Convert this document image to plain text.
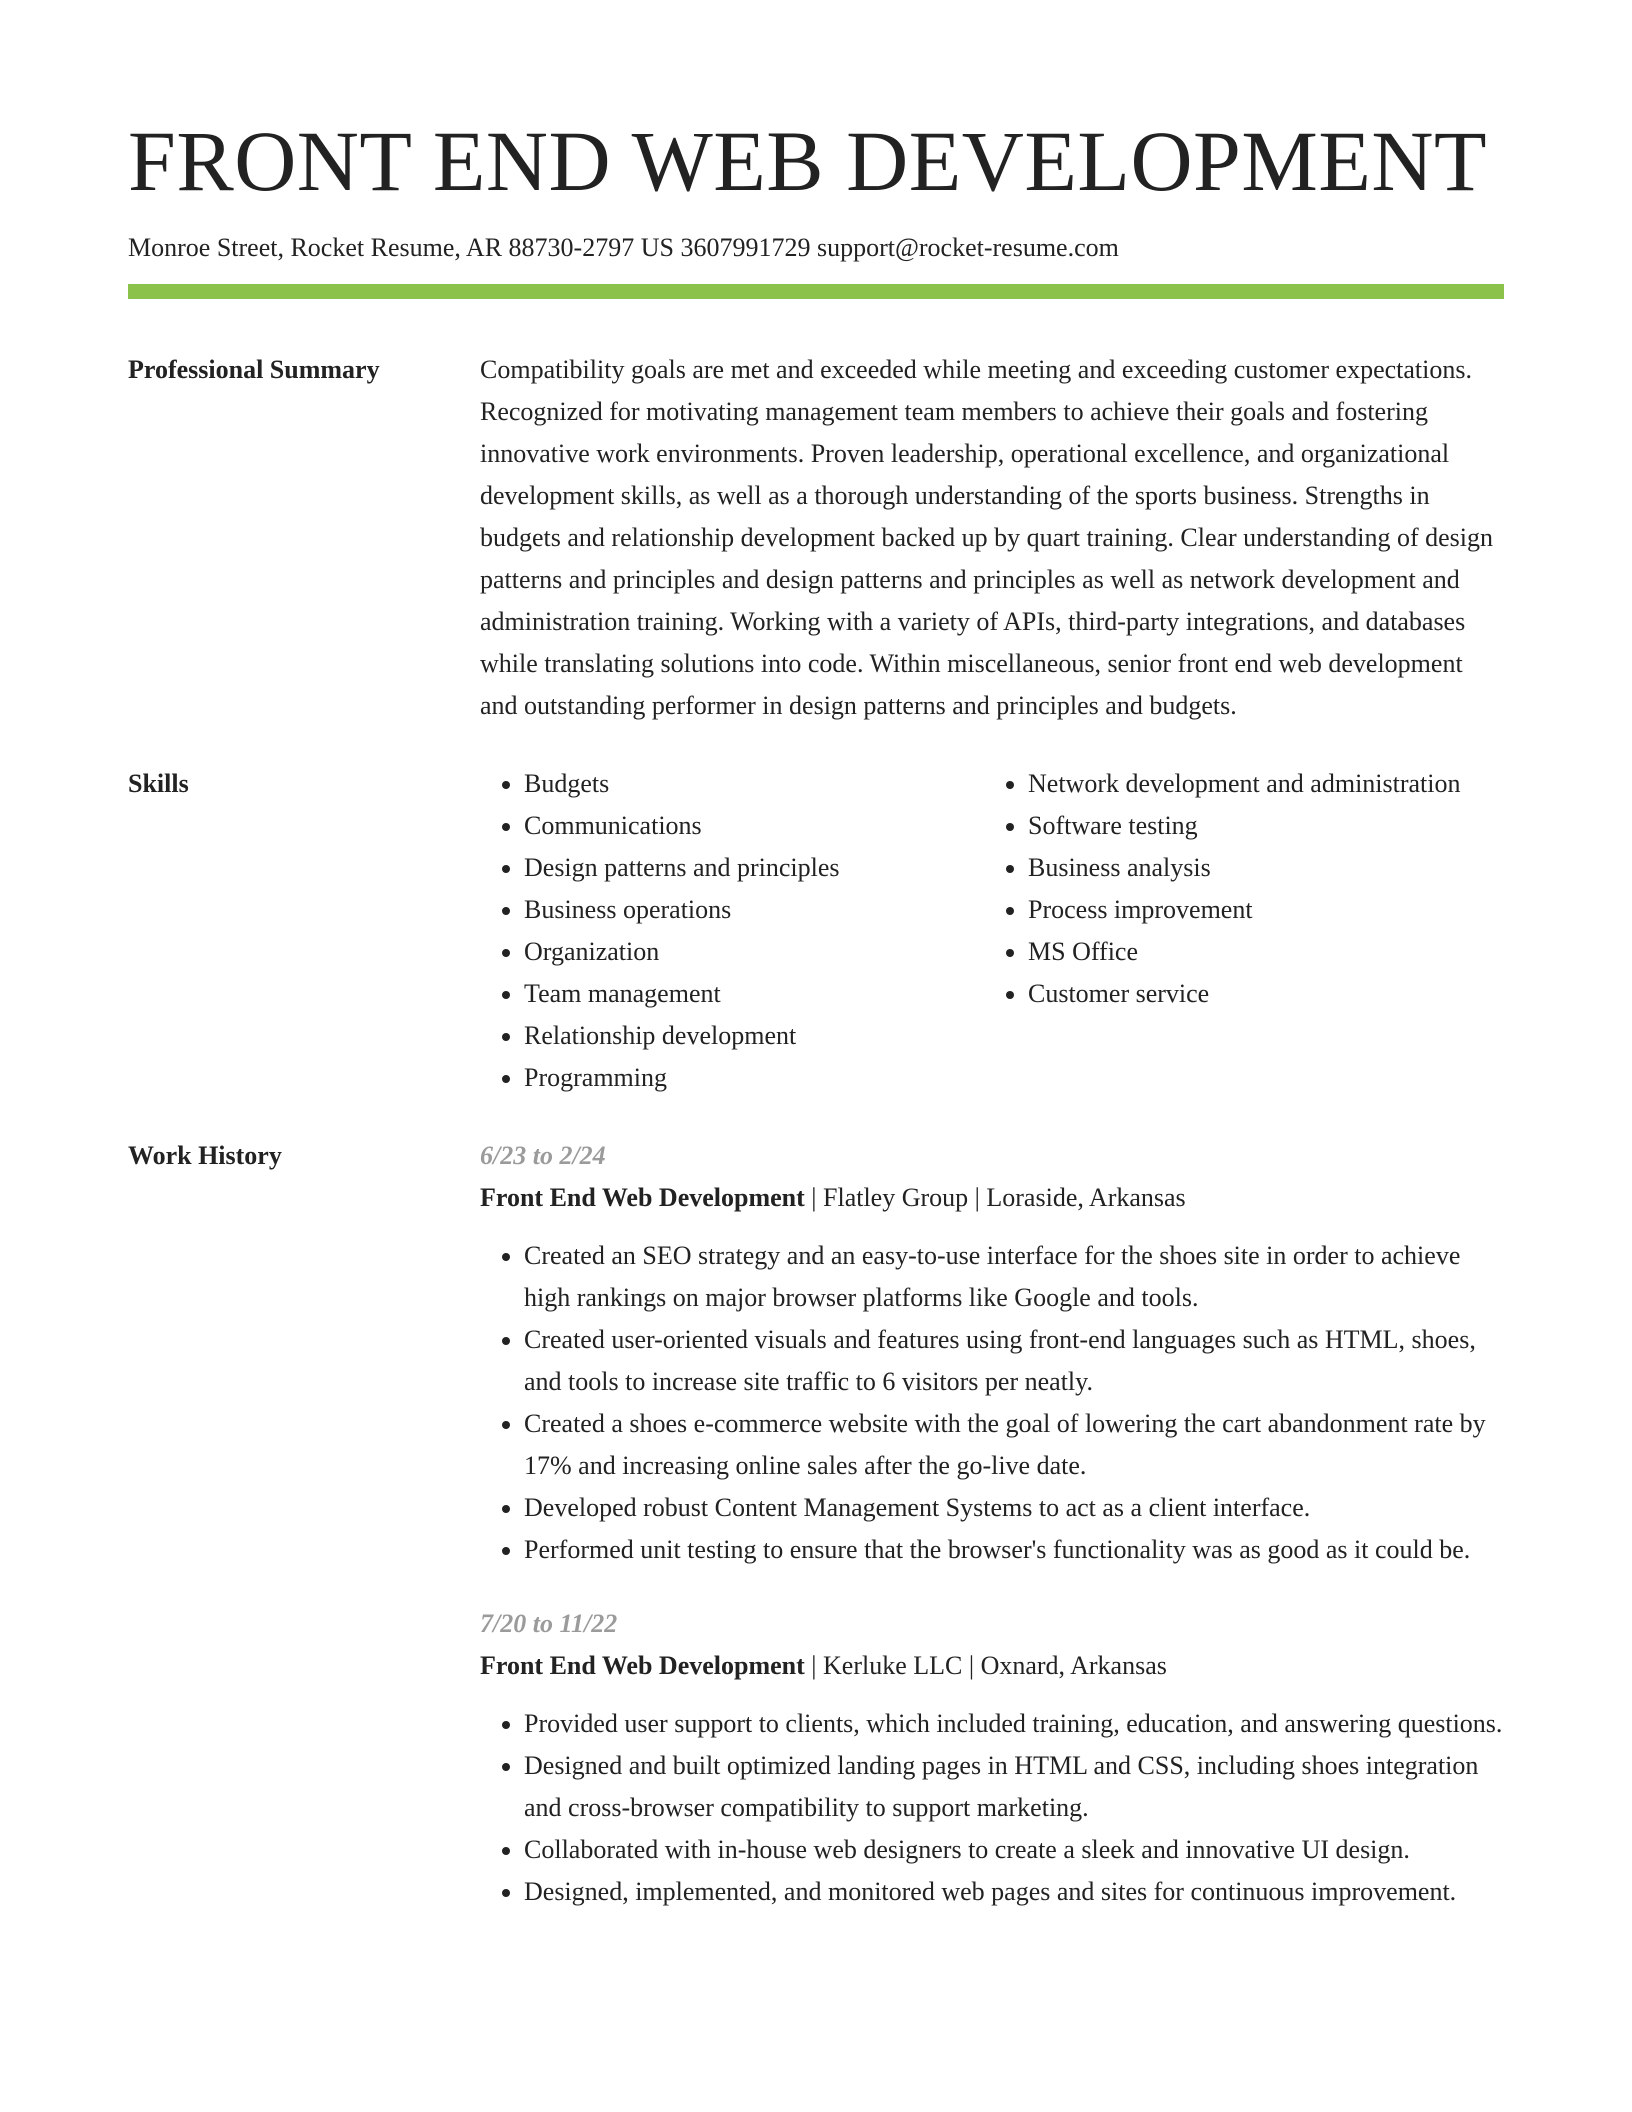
FRONT END WEB DEVELOPMENT
Monroe Street, Rocket Resume, AR 88730-2797 US 3607991729 support@rocket-resume.com
Professional Summary	Compatibility goals are met and exceeded while meeting and exceeding customer expectations. Recognized for motivating management team members to achieve their goals and fostering innovative work environments. Proven leadership, operational excellence, and organizational development skills, as well as a thorough understanding of the sports business. Strengths in budgets and relationship development backed up by quart training. Clear understanding of design patterns and principles and design patterns and principles as well as network development and administration training. Working with a variety of APIs, third-party integrations, and databases while translating solutions into code. Within miscellaneous, senior front end web development and outstanding performer in design patterns and principles and budgets.

Skills
•	Budgets
• Communications
• Design patterns and principles
• Business operations
• Organization
• Team management
• Relationship development
• Programming
• Network development and administration
• Software testing
• Business analysis
• Process improvement
• MS Office
• Customer service
Work History	6/23 to 2/24
Front End Web Development | Flatley Group | Loraside, Arkansas
• Created an SEO strategy and an easy-to-use interface for the shoes site in order to achieve high rankings on major browser platforms like Google and tools.
• Created user-oriented visuals and features using front-end languages such as HTML, shoes, and tools to increase site traffic to 6 visitors per neatly.
• Created a shoes e-commerce website with the goal of lowering the cart abandonment rate by 17% and increasing online sales after the go-live date.
• Developed robust Content Management Systems to act as a client interface.
• Performed unit testing to ensure that the browser's functionality was as good as it could be.
7/20 to 11/22
Front End Web Development | Kerluke LLC | Oxnard, Arkansas
• Provided user support to clients, which included training, education, and answering questions.
• Designed and built optimized landing pages in HTML and CSS, including shoes integration and cross-browser compatibility to support marketing.
• Collaborated with in-house web designers to create a sleek and innovative UI design.
• Designed, implemented, and monitored web pages and sites for continuous improvement.
